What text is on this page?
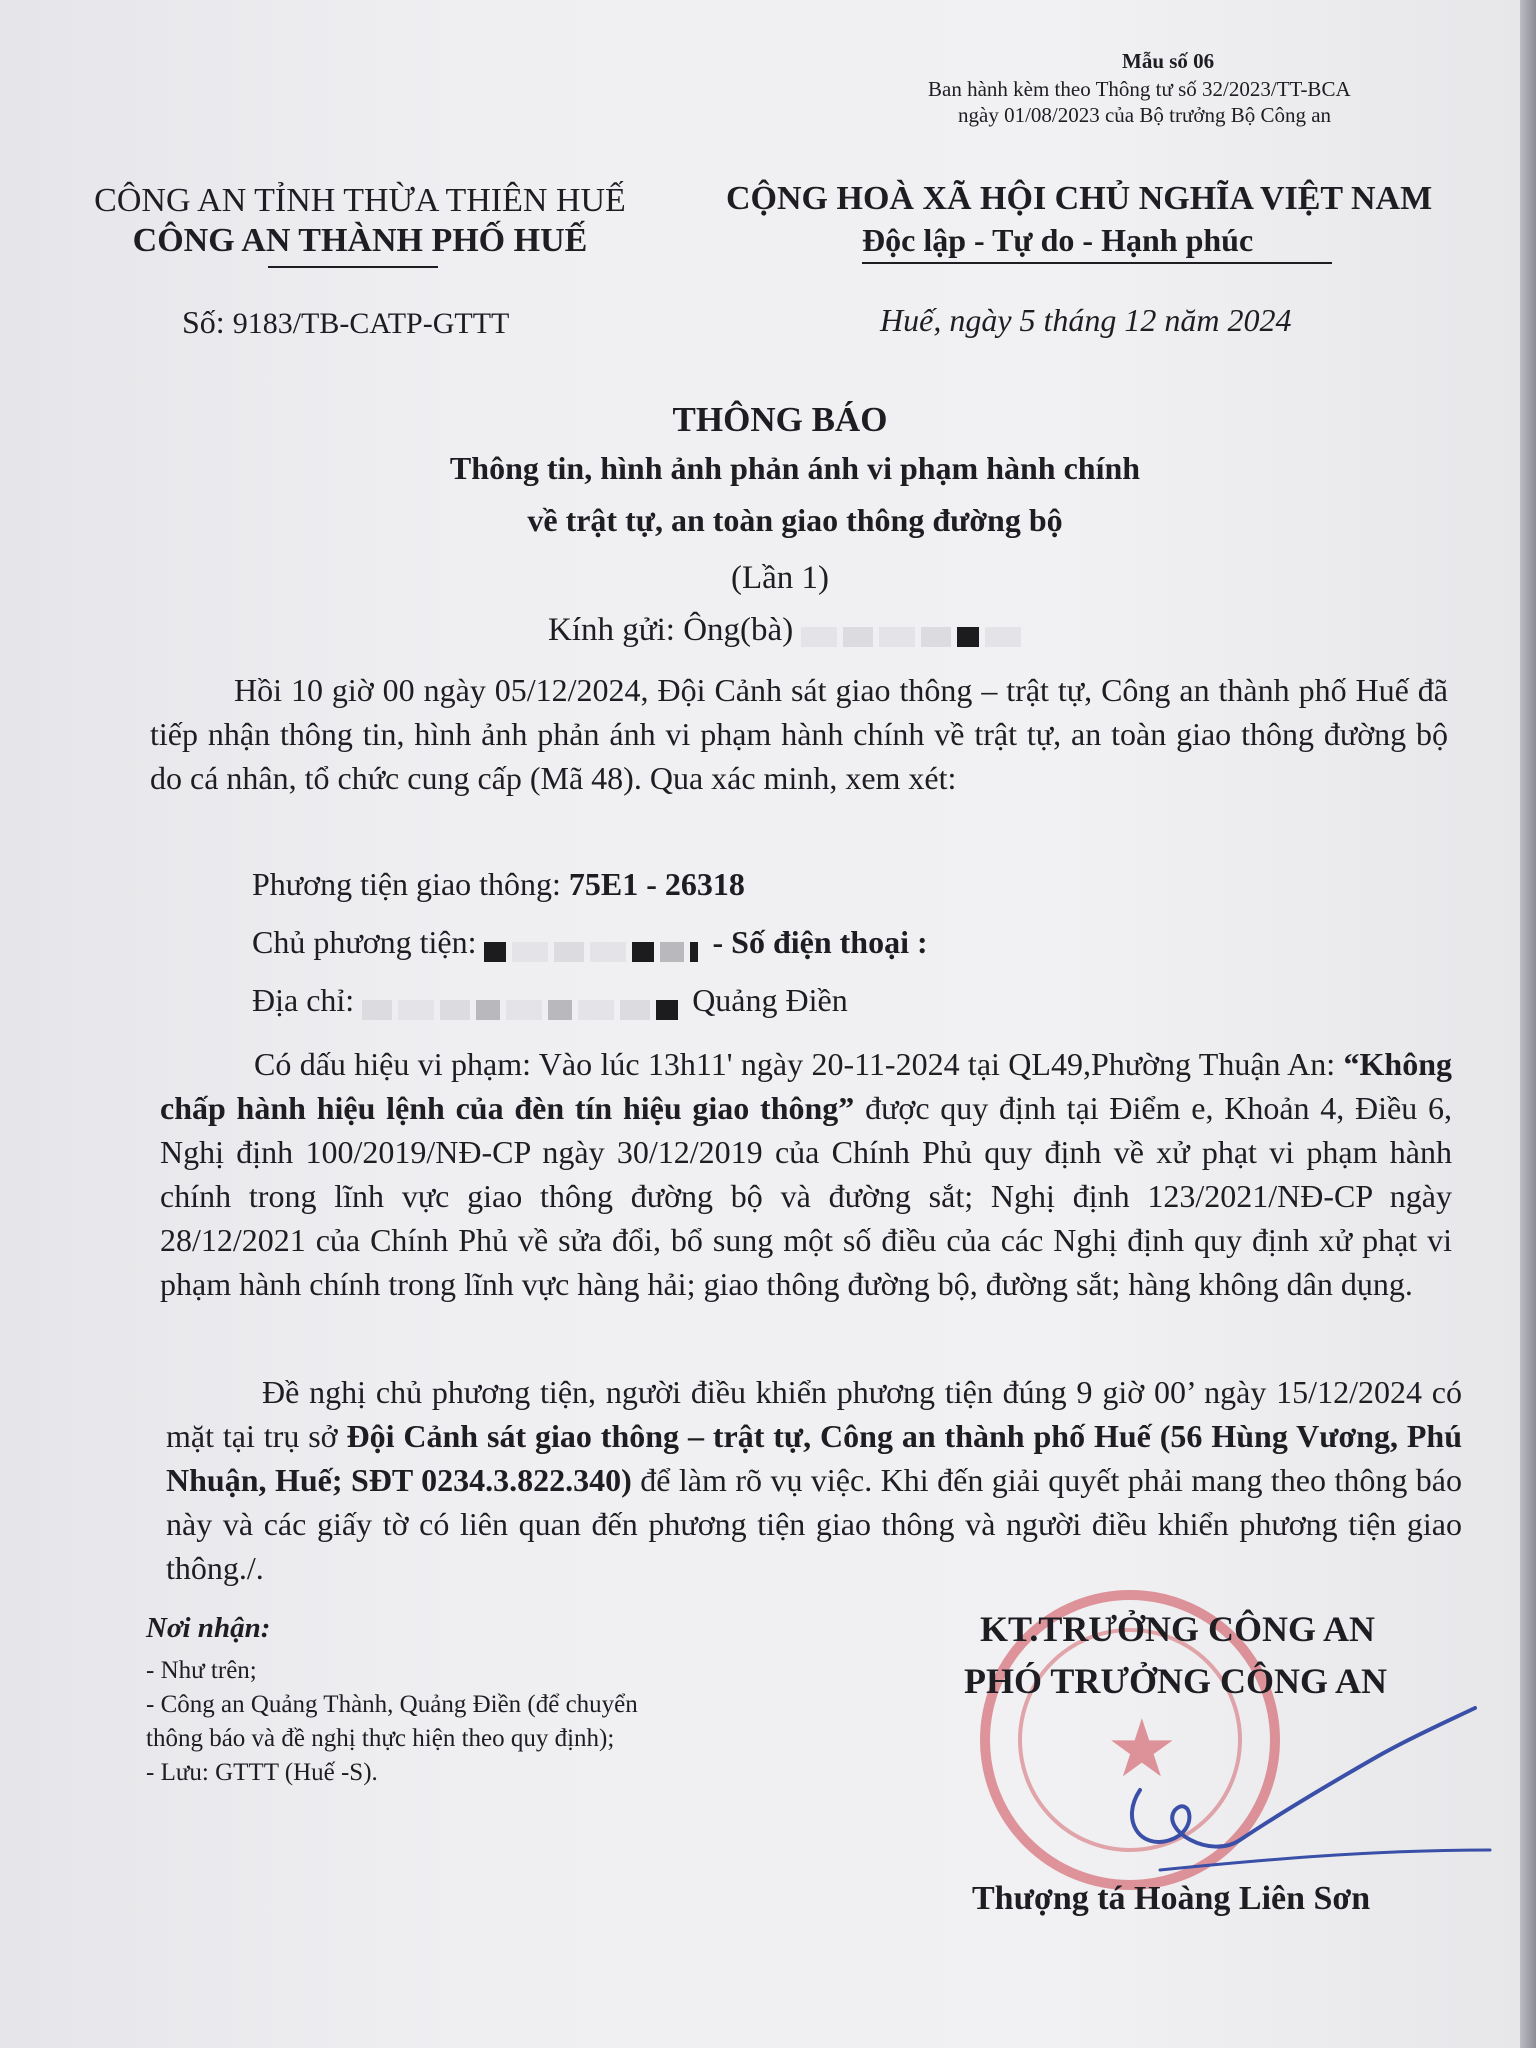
Mẫu số 06
Ban hành kèm theo Thông tư số 32/2023/TT-BCA
ngày 01/08/2023 của Bộ trưởng Bộ Công an
CÔNG AN TỈNH THỪA THIÊN HUẾ
CÔNG AN THÀNH PHỐ HUẾ
Số: 9183/TB-CATP-GTTT
CỘNG HOÀ XÃ HỘI CHỦ NGHĨA VIỆT NAM
Độc lập - Tự do - Hạnh phúc
Huế, ngày 5 tháng 12 năm 2024
THÔNG BÁO
Thông tin, hình ảnh phản ánh vi phạm hành chính
về trật tự, an toàn giao thông đường bộ
(Lần 1)
Kính gửi: Ông(bà)
Hồi 10 giờ 00 ngày 05/12/2024, Đội Cảnh sát giao thông – trật tự, Công an thành phố Huế đã tiếp nhận thông tin, hình ảnh phản ánh vi phạm hành chính về trật tự, an toàn giao thông đường bộ do cá nhân, tổ chức cung cấp (Mã 48). Qua xác minh, xem xét:
Phương tiện giao thông: 75E1 - 26318
Chủ phương tiện:	- Số điện thoại :
Địa chỉ:	Quảng Điền
Có dấu hiệu vi phạm: Vào lúc 13h11' ngày 20-11-2024 tại QL49,Phường Thuận An: “Không chấp hành hiệu lệnh của đèn tín hiệu giao thông” được quy định tại Điểm e, Khoản 4, Điều 6, Nghị định 100/2019/NĐ-CP ngày 30/12/2019 của Chính Phủ quy định về xử phạt vi phạm hành chính trong lĩnh vực giao thông đường bộ và đường sắt; Nghị định 123/2021/NĐ-CP ngày 28/12/2021 của Chính Phủ về sửa đổi, bổ sung một số điều của các Nghị định quy định xử phạt vi phạm hành chính trong lĩnh vực hàng hải; giao thông đường bộ, đường sắt; hàng không dân dụng.
Đề nghị chủ phương tiện, người điều khiển phương tiện đúng 9 giờ 00’ ngày 15/12/2024 có mặt tại trụ sở Đội Cảnh sát giao thông – trật tự, Công an thành phố Huế (56 Hùng Vương, Phú Nhuận, Huế; SĐT 0234.3.822.340) để làm rõ vụ việc. Khi đến giải quyết phải mang theo thông báo này và các giấy tờ có liên quan đến phương tiện giao thông và người điều khiển phương tiện giao thông./.
Nơi nhận:
- Như trên;
- Công an Quảng Thành, Quảng Điền (để chuyển
thông báo và đề nghị thực hiện theo quy định);
- Lưu: GTTT (Huế -S).	★
KT.TRƯỞNG CÔNG AN
PHÓ TRƯỞNG CÔNG AN
Thượng tá Hoàng Liên Sơn
